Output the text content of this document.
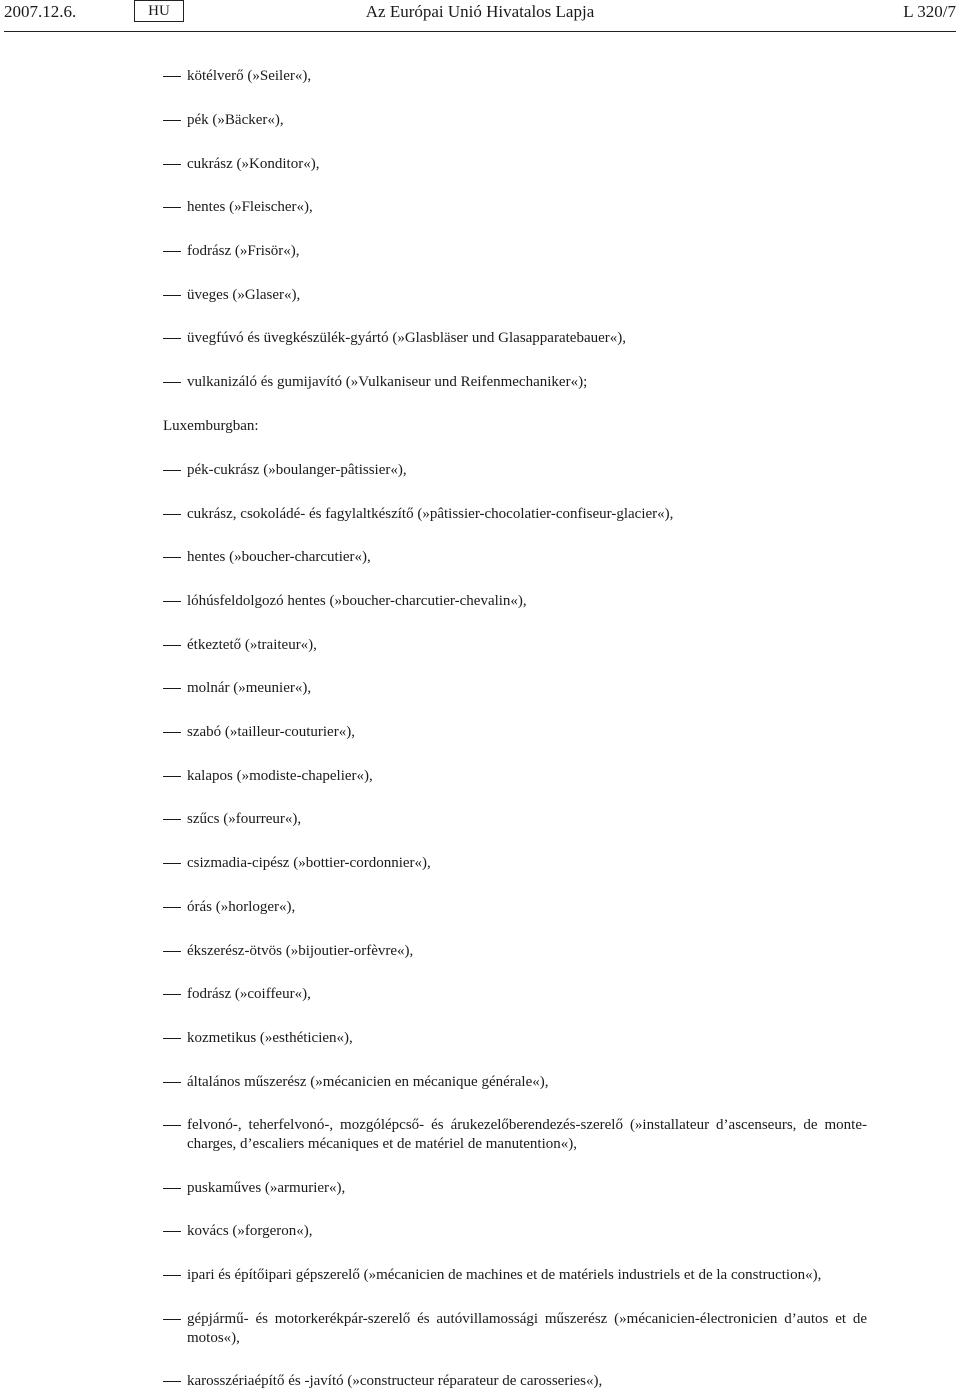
2007.12.6.	HU	Az Európai Unió Hivatalos Lapja	L 320/7
kötélverő (»Seiler«),
pék (»Bäcker«),
cukrász (»Konditor«),
hentes (»Fleischer«),
fodrász (»Frisör«),
üveges (»Glaser«),
üvegfúvó és üvegkészülék-gyártó (»Glasbläser und Glasapparatebauer«),
vulkanizáló és gumijavító (»Vulkaniseur und Reifenmechaniker«);
Luxemburgban:
pék-cukrász (»boulanger-pâtissier«),
cukrász, csokoládé- és fagylaltkészítő (»pâtissier-chocolatier-confiseur-glacier«),
hentes (»boucher-charcutier«),
lóhúsfeldolgozó hentes (»boucher-charcutier-chevalin«),
étkeztető (»traiteur«),
molnár (»meunier«),
szabó (»tailleur-couturier«),
kalapos (»modiste-chapelier«),
szűcs (»fourreur«),
csizmadia-cipész (»bottier-cordonnier«),
órás (»horloger«),
ékszerész-ötvös (»bijoutier-orfèvre«),
fodrász (»coiffeur«),
kozmetikus (»esthéticien«),
általános műszerész (»mécanicien en mécanique générale«),
felvonó-, teherfelvonó-, mozgólépcső- és árukezelőberendezés-szerelő (»installateur d’ascenseurs, de monte-charges, d’escaliers mécaniques et de matériel de manutention«),
puskaműves (»armurier«),
kovács (»forgeron«),
ipari és építőipari gépszerelő (»mécanicien de machines et de matériels industriels et de la construction«),
gépjármű- és motorkerékpár-szerelő és autóvillamossági műszerész (»mécanicien-électronicien d’autos et de motos«),
karosszériaépítő és -javító (»constructeur réparateur de carosseries«),
